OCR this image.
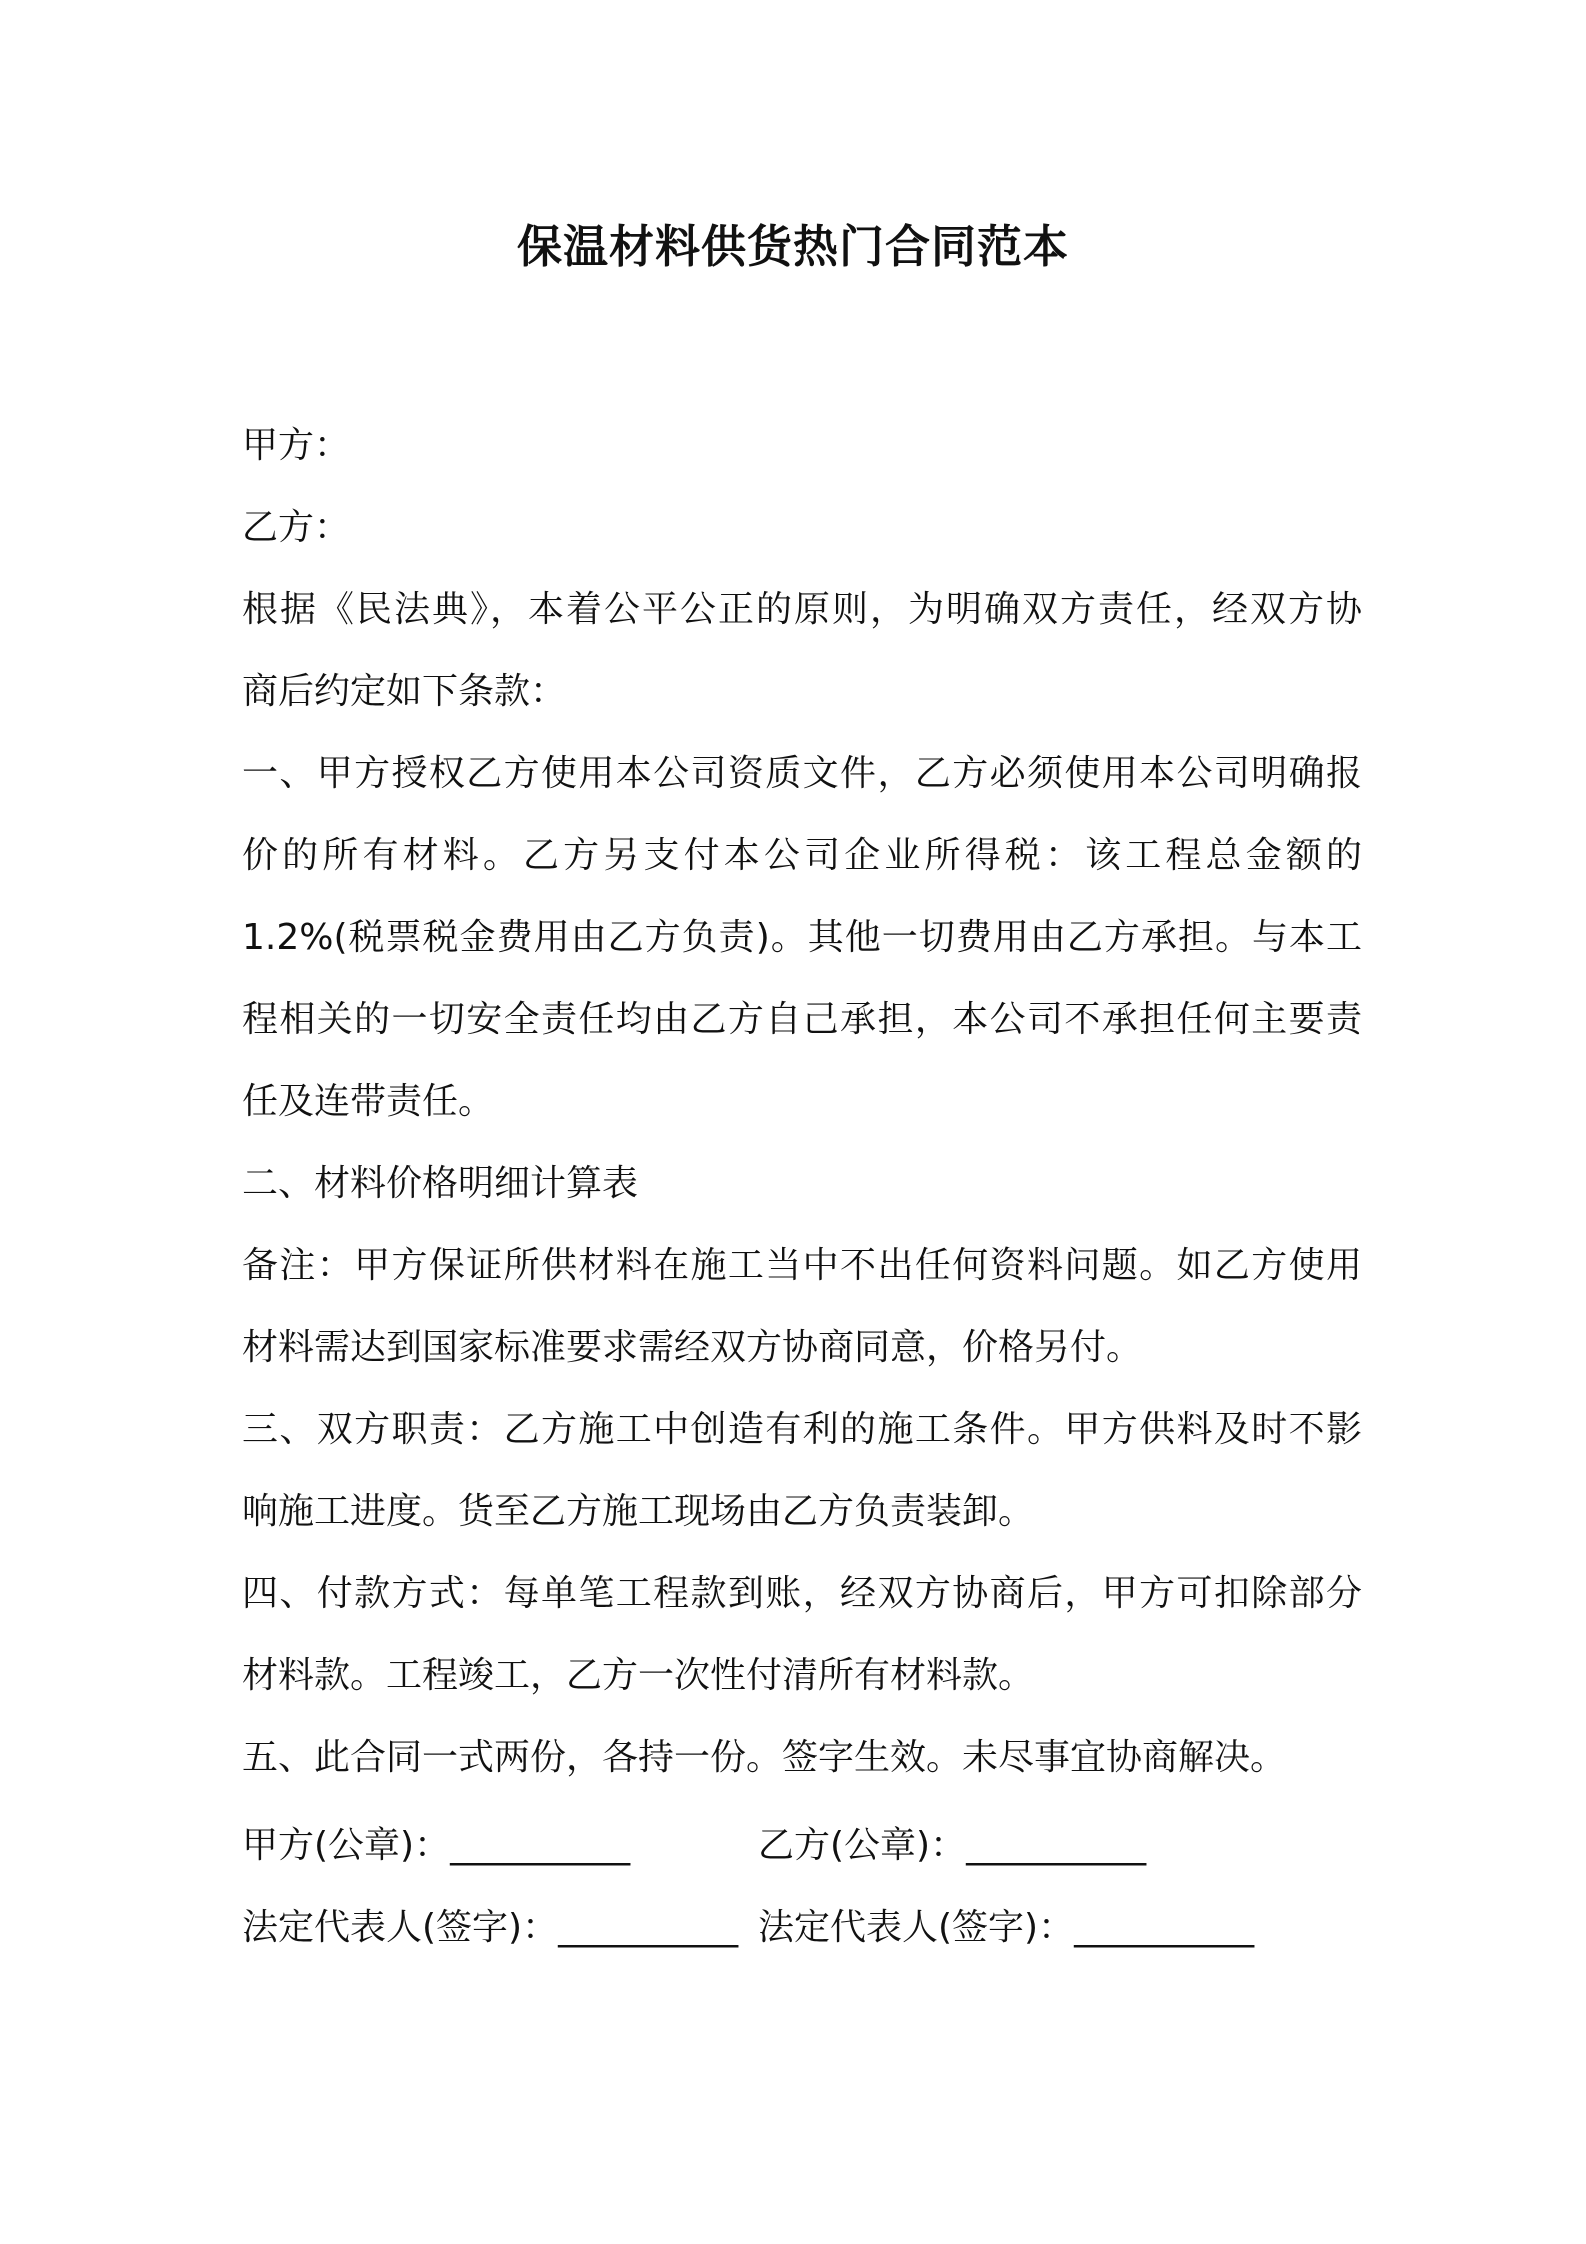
保温材料供货热门合同范本

甲方：

乙方：

根据《民法典》，本着公平公正的原则，为明确双方责任，经双方协

商后约定如下条款：

一、甲方授权乙方使用本公司资质文件，乙方必须使用本公司明确报

价的所有材料。乙方另支付本公司企业所得税：该工程总金额的

1.2%(税票税金费用由乙方负责)。其他一切费用由乙方承担。与本工

程相关的一切安全责任均由乙方自己承担，本公司不承担任何主要责

任及连带责任。

二、材料价格明细计算表

备注：甲方保证所供材料在施工当中不出任何资料问题。如乙方使用

材料需达到国家标准要求需经双方协商同意，价格另付。

三、双方职责：乙方施工中创造有利的施工条件。甲方供料及时不影

响施工进度。货至乙方施工现场由乙方负责装卸。

四、付款方式：每单笔工程款到账，经双方协商后，甲方可扣除部分

材料款。工程竣工，乙方一次性付清所有材料款。

五、此合同一式两份，各持一份。签字生效。未尽事宜协商解决。

甲方(公章)：__________	乙方(公章)：__________

法定代表人(签字)：__________ 法定代表人(签字)：__________
